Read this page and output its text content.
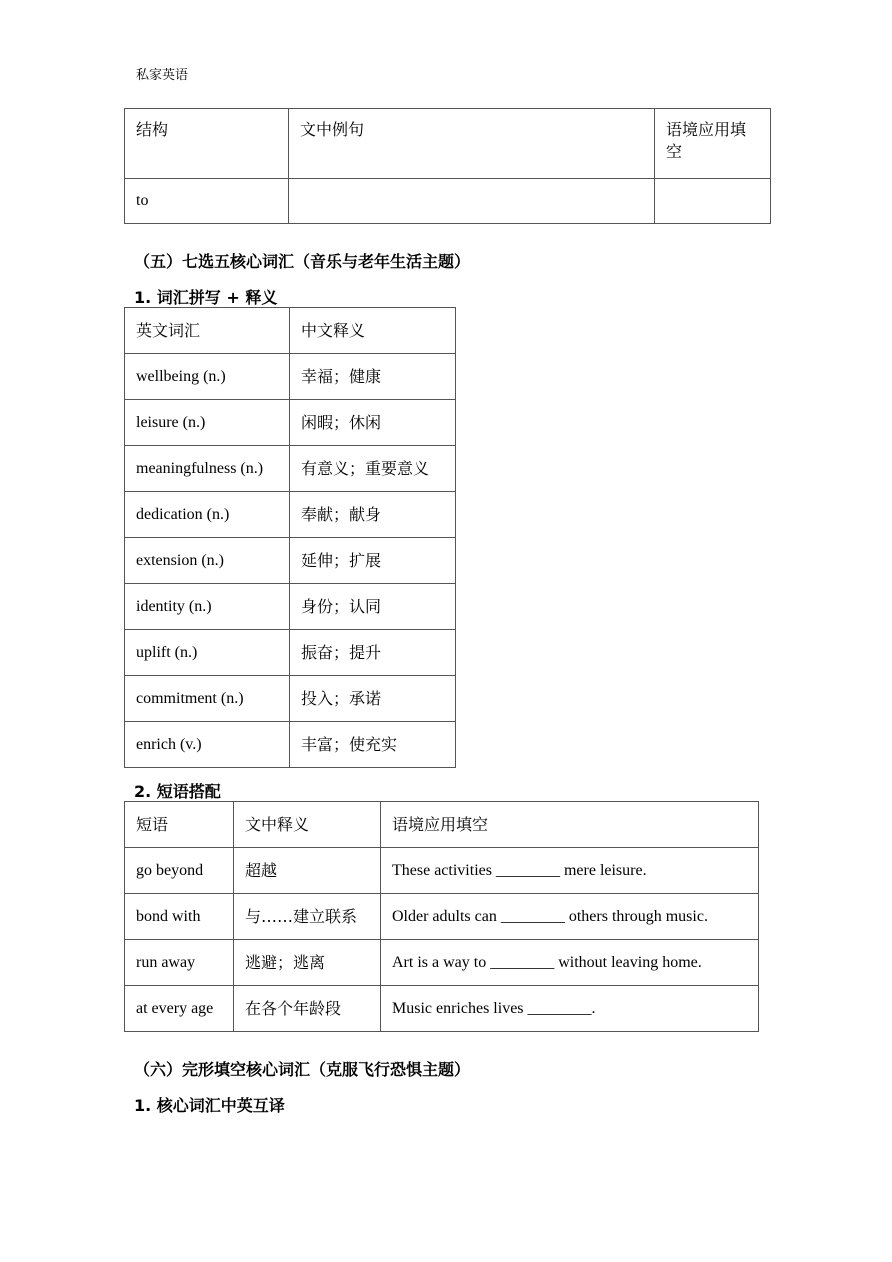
私家英语
结构	文中例句	语境应用填空
to		
（五）七选五核心词汇（音乐与老年生活主题）
1. 词汇拼写 + 释义
英文词汇	中文释义
wellbeing (n.)	幸福；健康
leisure (n.)	闲暇；休闲
meaningfulness (n.)	有意义；重要意义
dedication (n.)	奉献；献身
extension (n.)	延伸；扩展
identity (n.)	身份；认同
uplift (n.)	振奋；提升
commitment (n.)	投入；承诺
enrich (v.)	丰富；使充实
2. 短语搭配
短语	文中释义	语境应用填空
go beyond	超越	These activities ________ mere leisure.
bond with	与……建立联系	Older adults can ________ others through music.
run away	逃避；逃离	Art is a way to ________ without leaving home.
at every age	在各个年龄段	Music enriches lives ________.
（六）完形填空核心词汇（克服飞行恐惧主题）
1. 核心词汇中英互译
